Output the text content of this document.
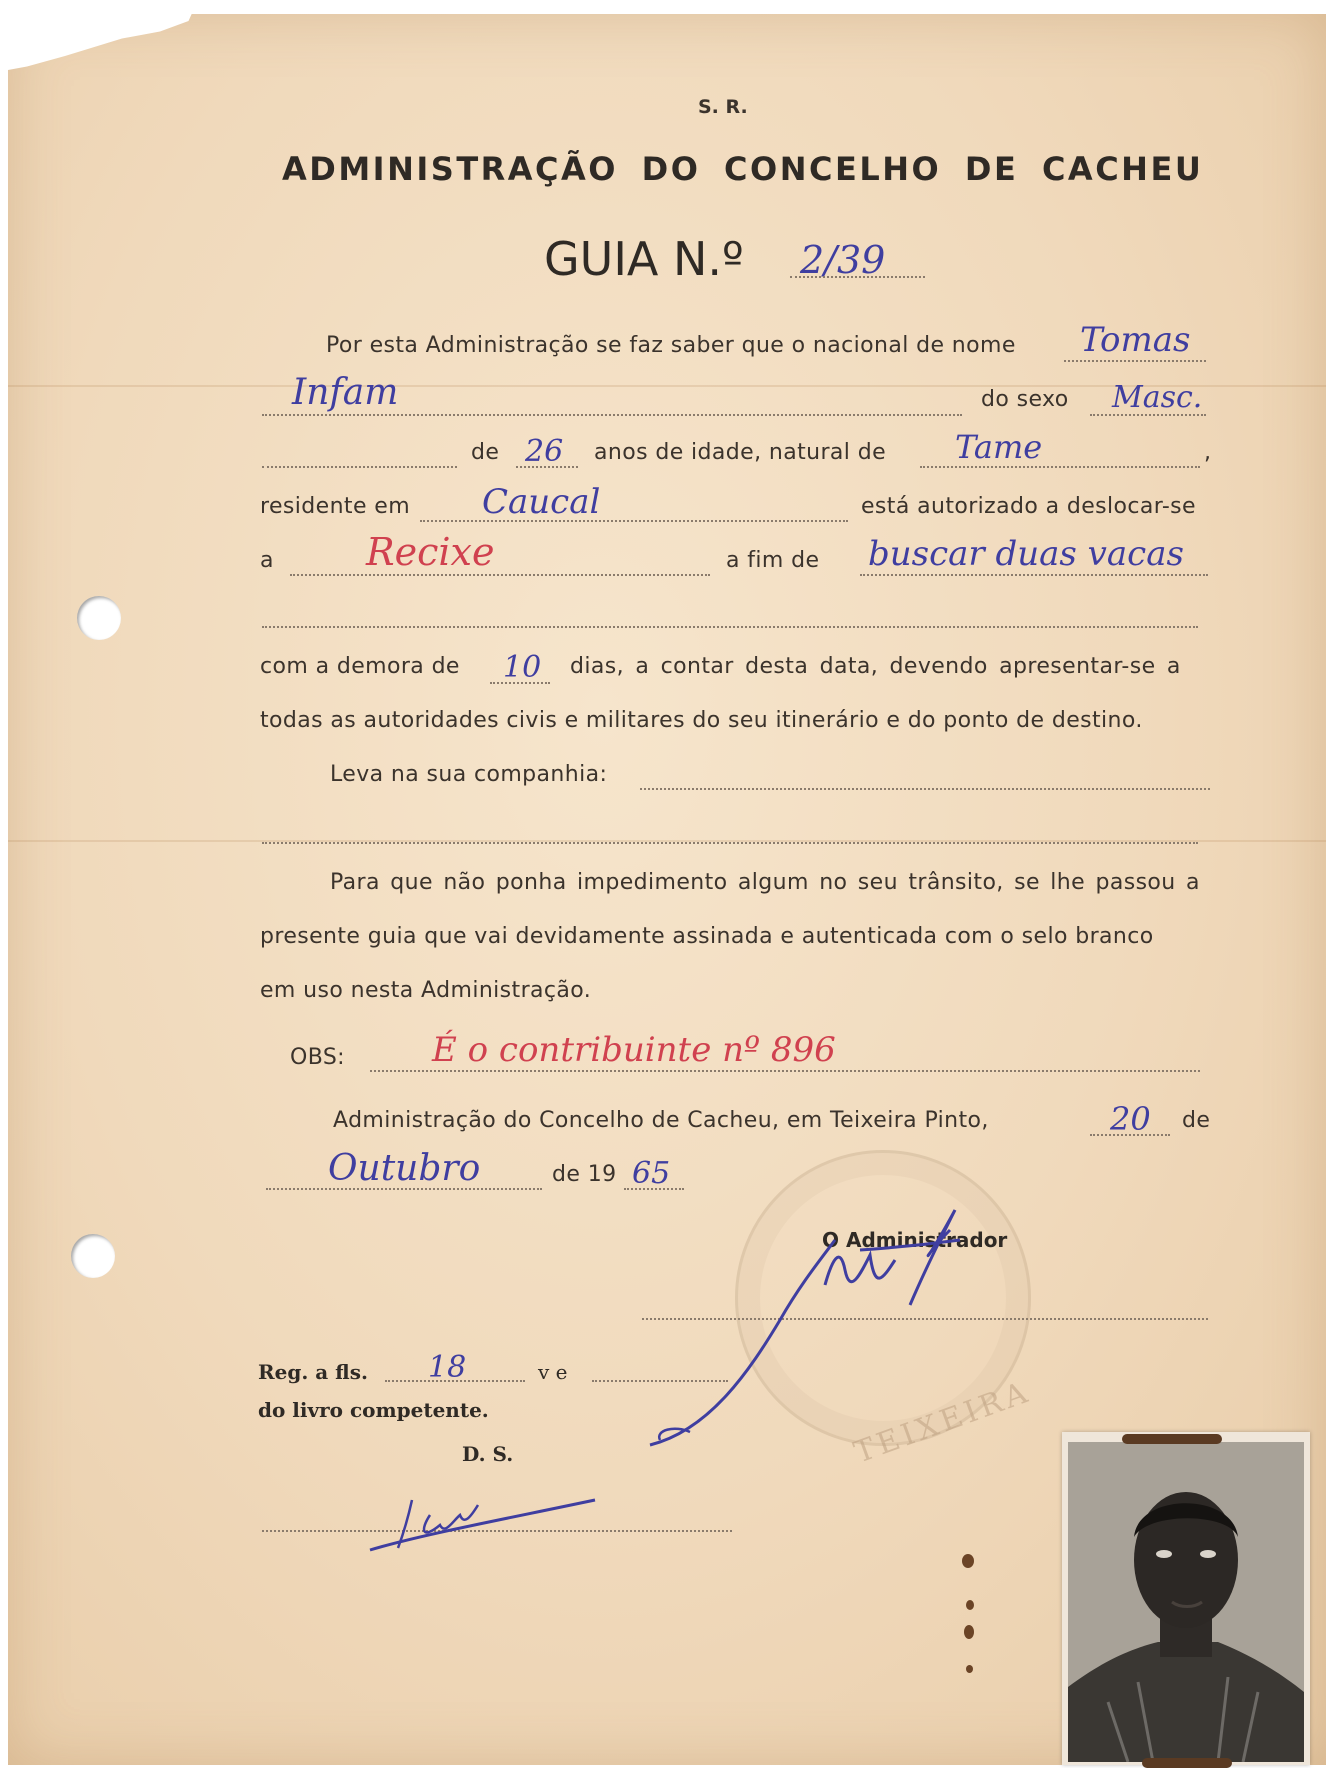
S. R.
ADMINISTRAÇÃO DO CONCELHO DE CACHEU
GUIA N.º 2/39
Por esta Administração se faz saber que o nacional de nome Tomas
Infam	do sexo Masc.
de 26 anos de idade, natural de Tame	,
residente em Caucal	está autorizado a deslocar-se
a Recixe	a fim de buscar duas vacas
com a demora de 10 dias, a contar desta data, devendo apresentar-se a
todas as autoridades civis e militares do seu itinerário e do ponto de destino.
Leva na sua companhia:
Para que não ponha impedimento algum no seu trânsito, se lhe passou a
presente guia que vai devidamente assinada e autenticada com o selo branco
em uso nesta Administração.
OBS:	É o contribuinte nº 896
Administração do Concelho de Cacheu, em Teixeira Pinto,	20 de
Outubro	de 19 65
TEIXEIRA
O Administrador
Reg. a fls. 18	v e
do livro competente.
D. S.
